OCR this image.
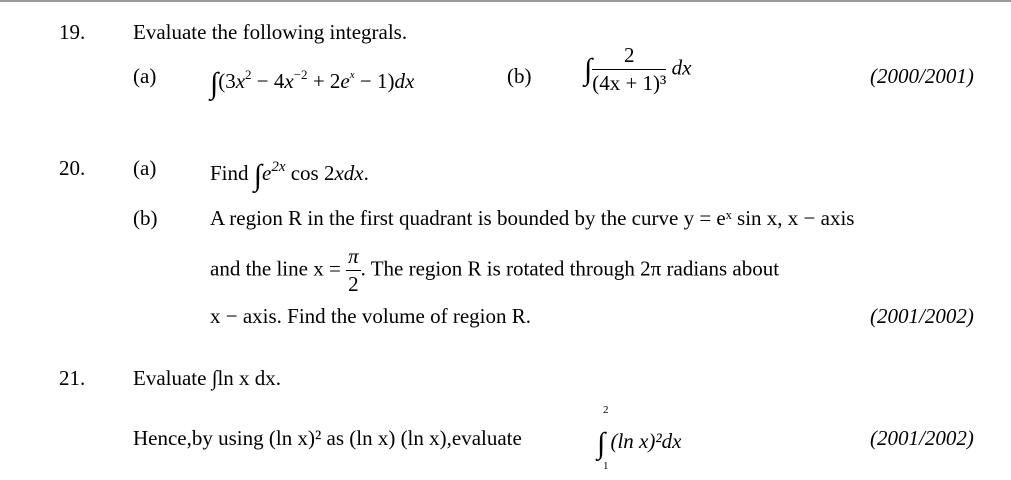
19. Evaluate the following integrals.
(a) $\int(3x^2 - 4x^{-2} + 2e^x - 1)dx$	(b) ∫ $\frac{2}{\text{(4x + 1)³}}$ dx	(2000/2001)
20. (a)	Find $\int e^{2x}$ cos 2xdx.
(b)	A region R in the first quadrant is bounded by the curve y = eˣ sin x, x − axis
and the line $x = \frac{\pi}{2}$ . The region R is rotated through 2π radians about
x − axis. Find the volume of region R.	(2001/2002)
21. Evaluate ∫ln x dx.
Hence,by using (ln x)² as (ln x) (ln x),evaluate	∫ (ln x)²dx
2
1
(2001/2002)
